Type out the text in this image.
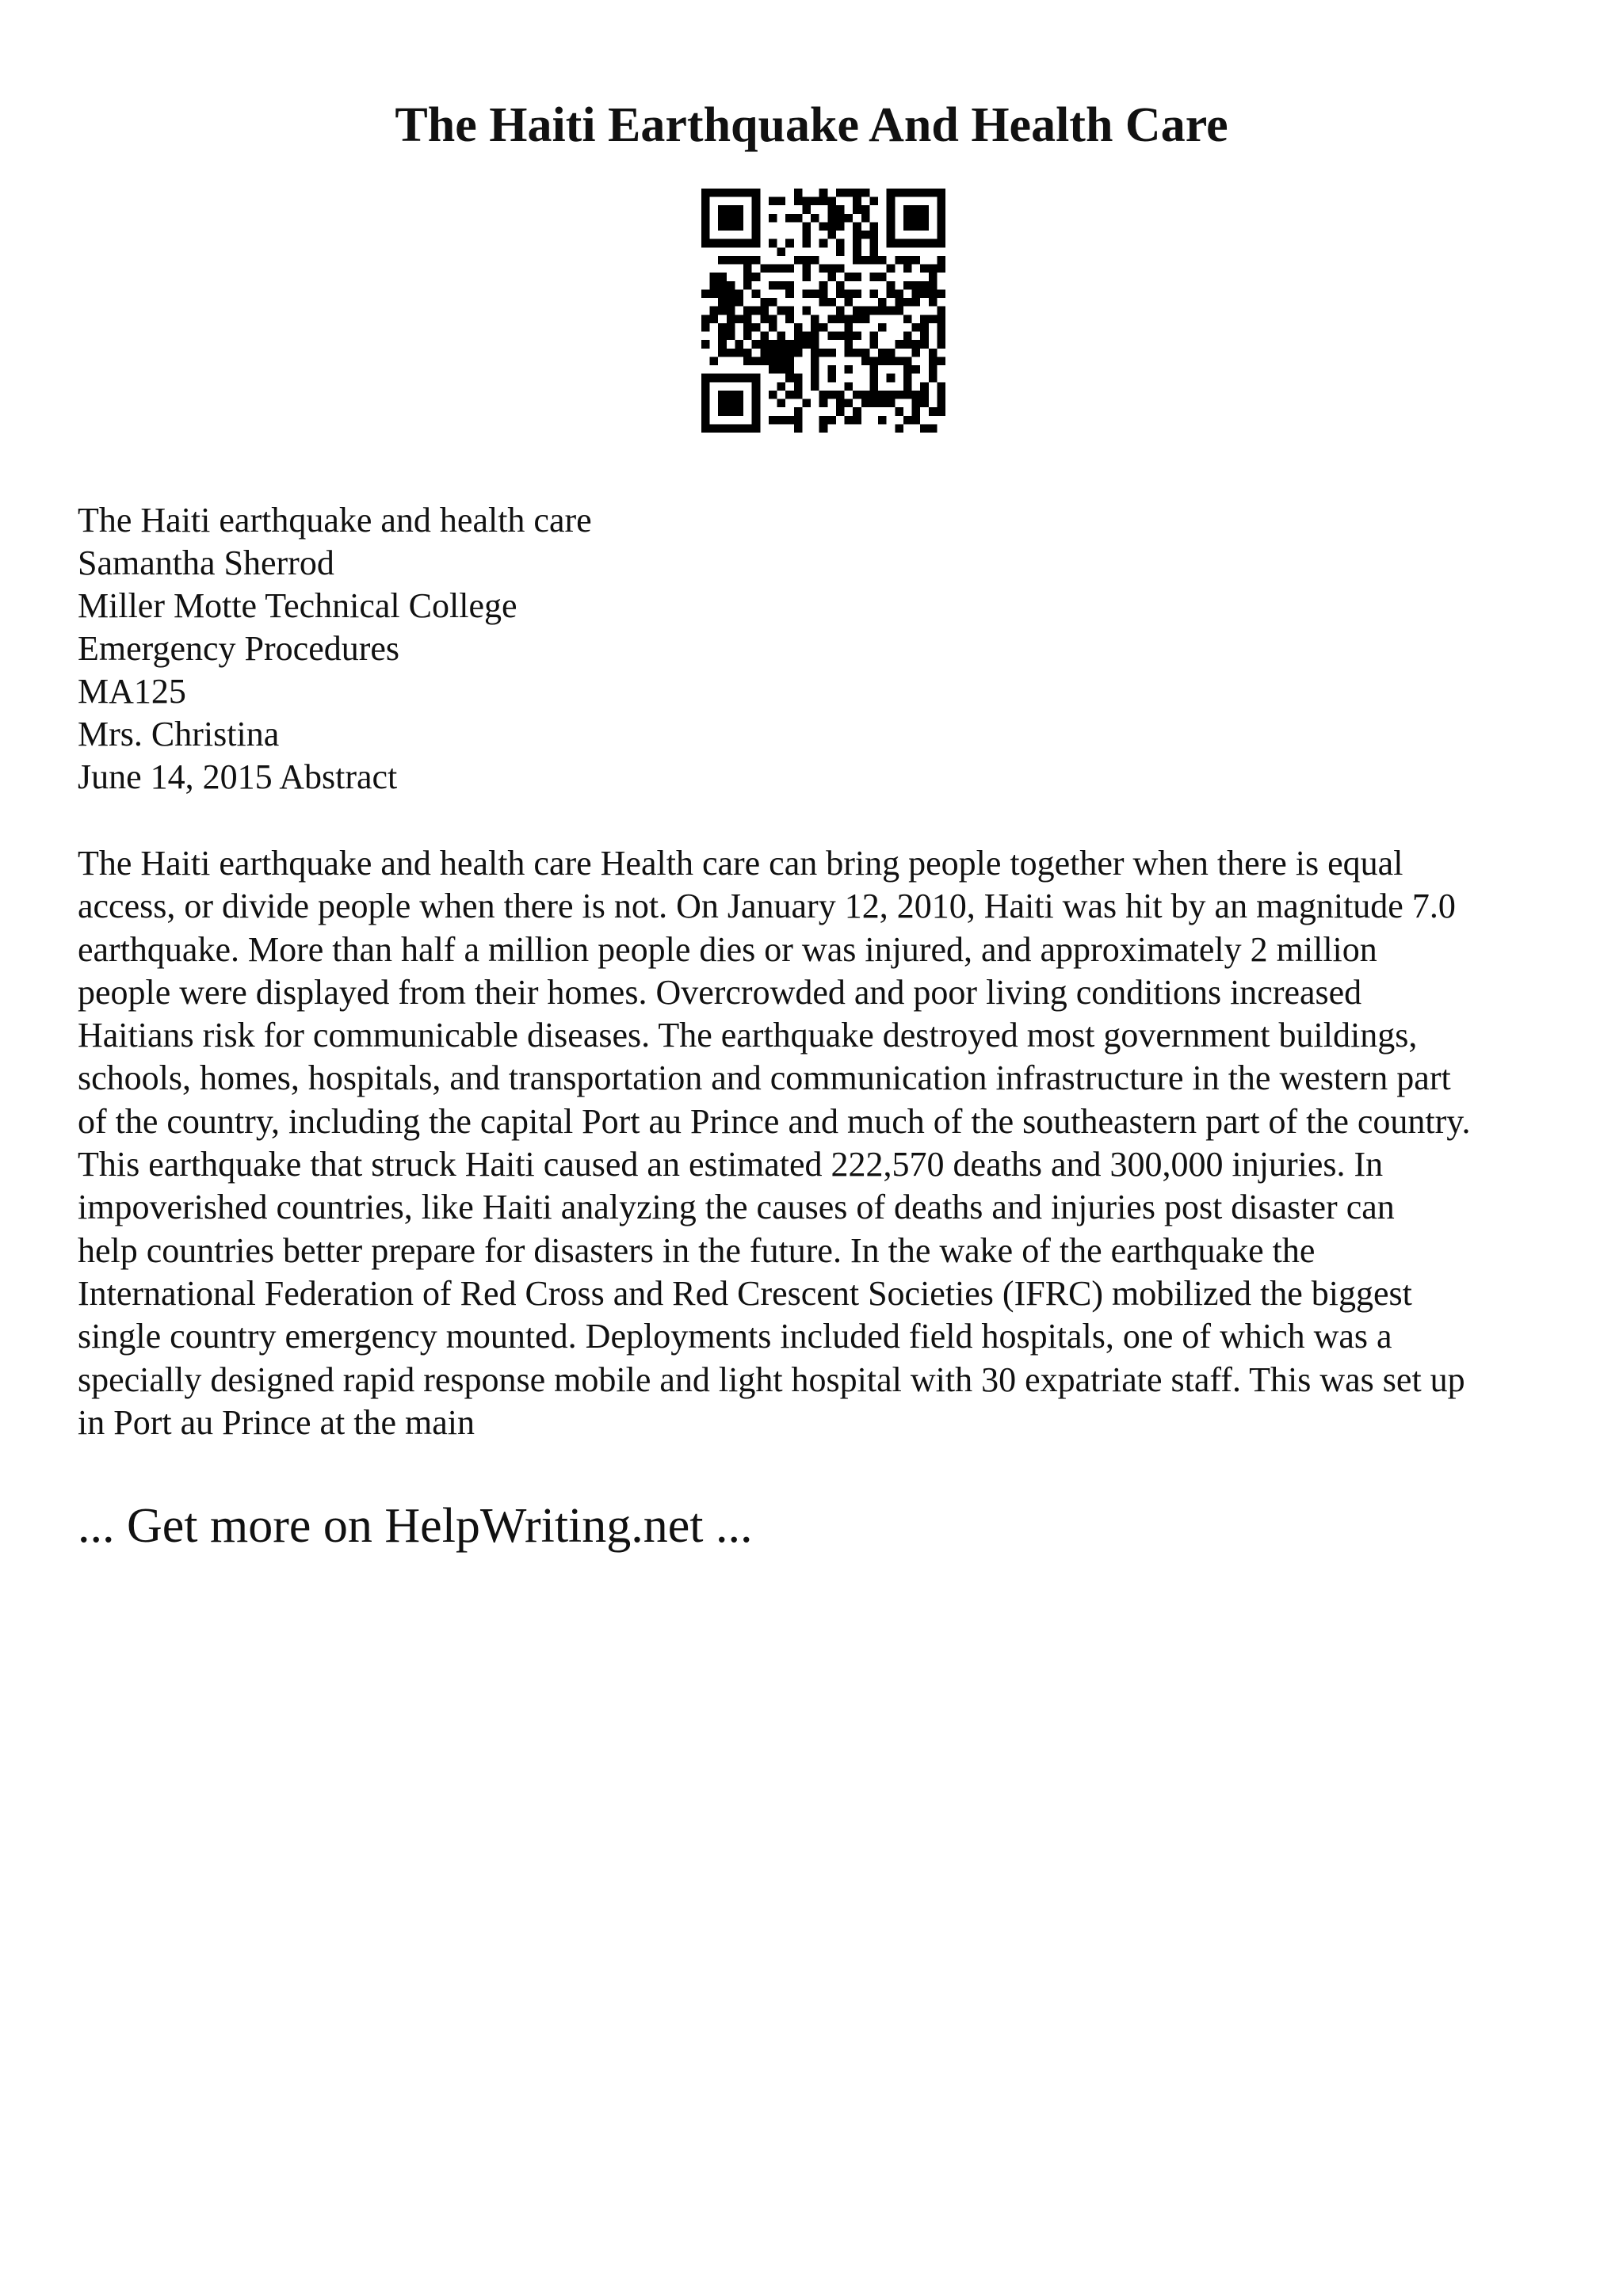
The Haiti Earthquake And Health Care
The Haiti earthquake and health care
Samantha Sherrod
Miller Motte Technical College
Emergency Procedures
MA125
Mrs. Christina
June 14, 2015 Abstract
The Haiti earthquake and health care Health care can bring people together when there is equal
access, or divide people when there is not. On January 12, 2010, Haiti was hit by an magnitude 7.0
earthquake. More than half a million people dies or was injured, and approximately 2 million
people were displayed from their homes. Overcrowded and poor living conditions increased
Haitians risk for communicable diseases. The earthquake destroyed most government buildings,
schools, homes, hospitals, and transportation and communication infrastructure in the western part
of the country, including the capital Port au Prince and much of the southeastern part of the country.
This earthquake that struck Haiti caused an estimated 222,570 deaths and 300,000 injuries. In
impoverished countries, like Haiti analyzing the causes of deaths and injuries post disaster can
help countries better prepare for disasters in the future. In the wake of the earthquake the
International Federation of Red Cross and Red Crescent Societies (IFRC) mobilized the biggest
single country emergency mounted. Deployments included field hospitals, one of which was a
specially designed rapid response mobile and light hospital with 30 expatriate staff. This was set up
in Port au Prince at the main
... Get more on HelpWriting.net ...
